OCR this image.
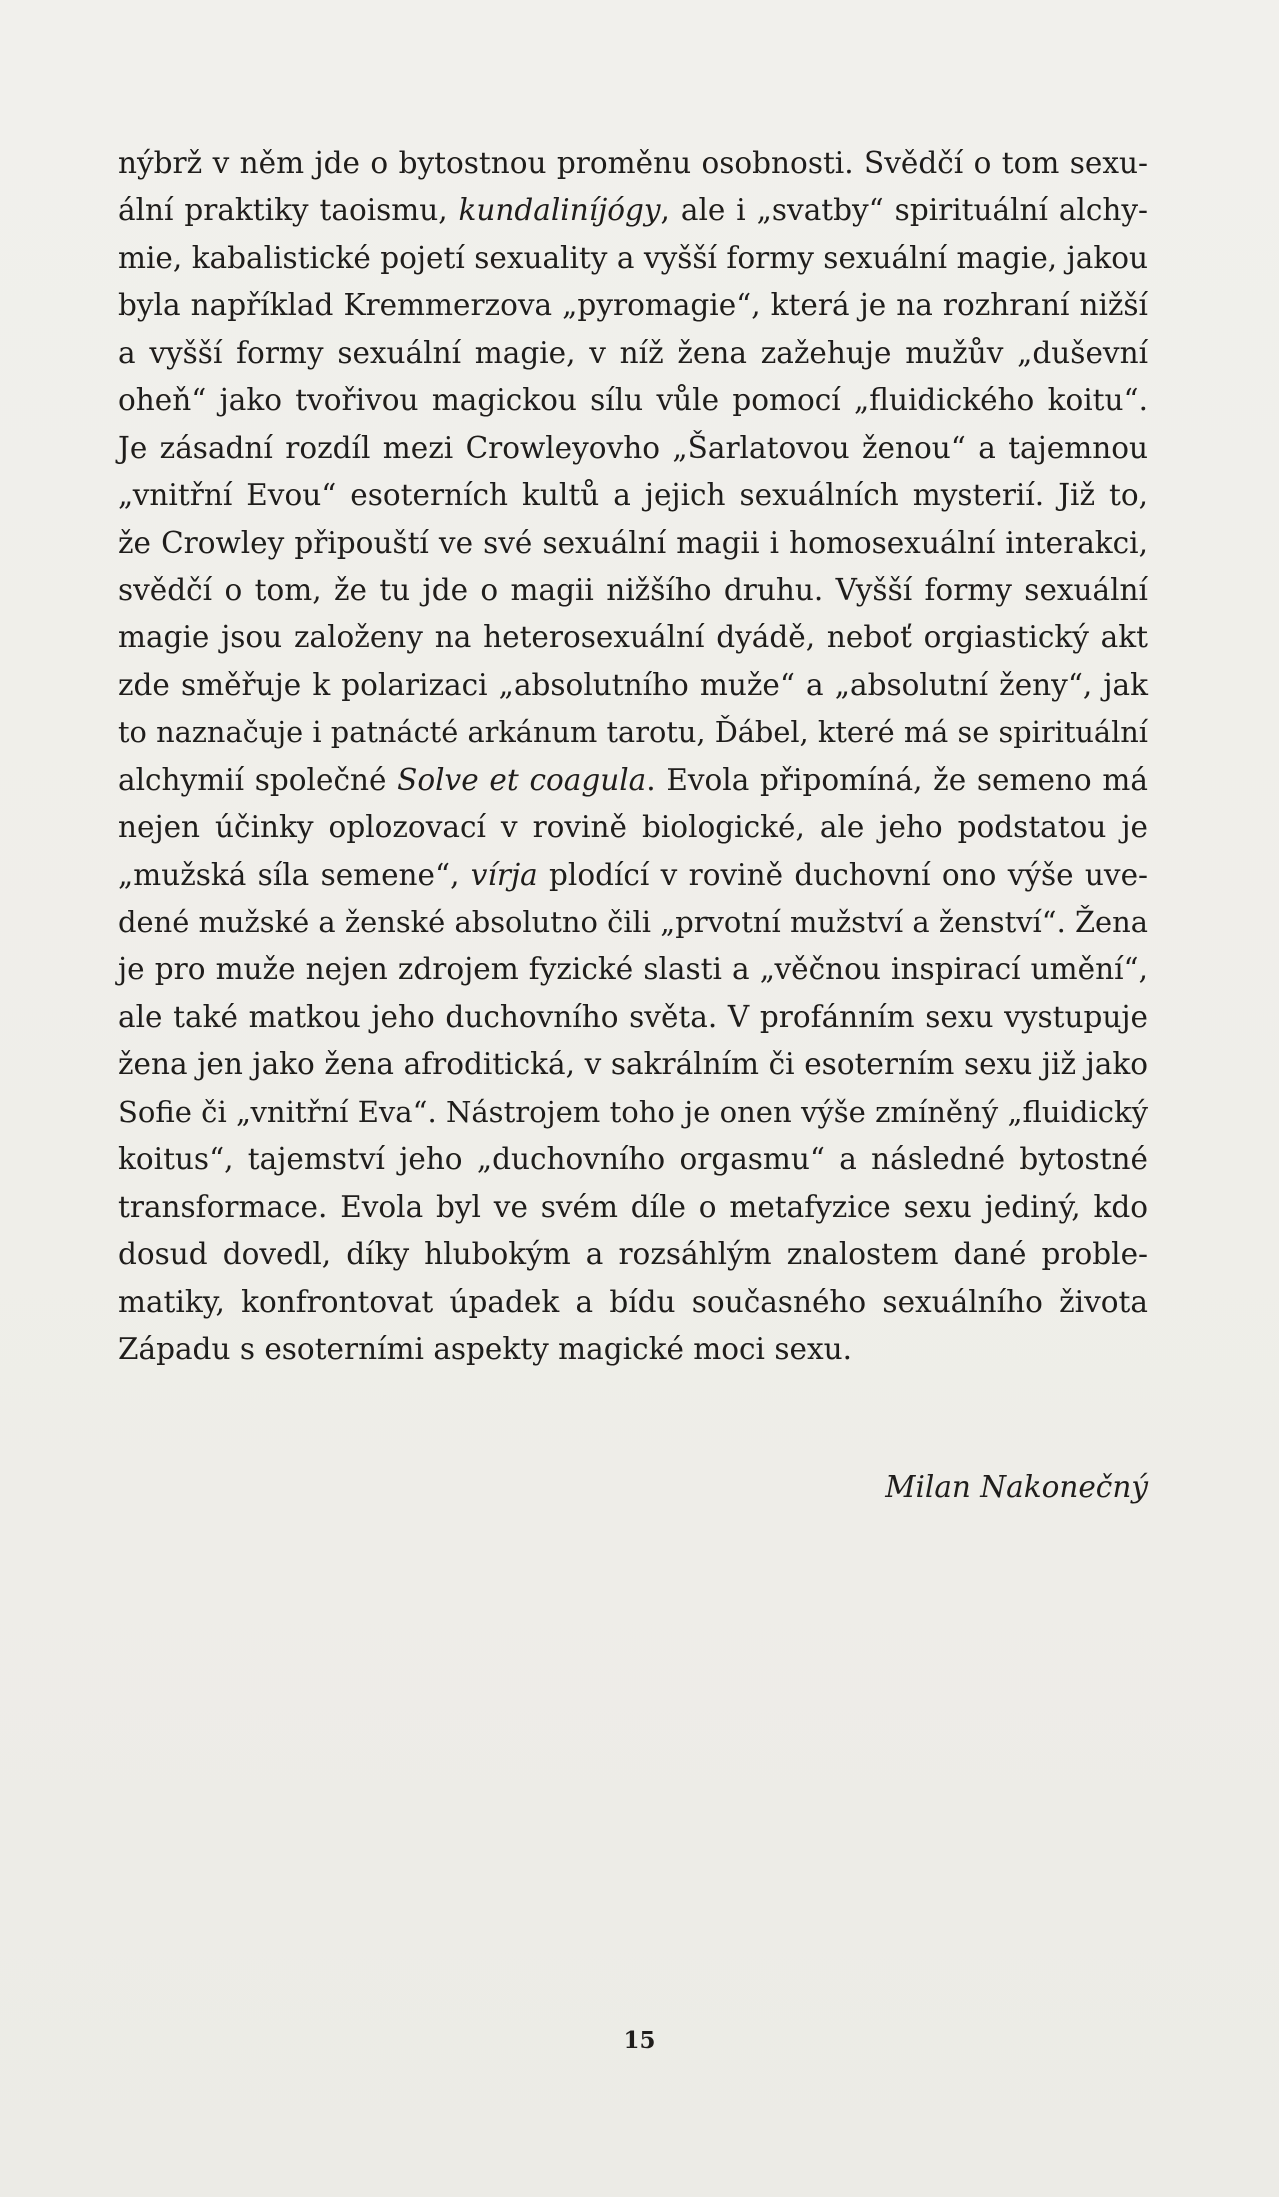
nýbrž v něm jde o bytostnou proměnu osobnosti. Svědčí o tom sexu-
ální praktiky taoismu, kundaliníjógy, ale i „svatby“ spirituální alchy-
mie, kabalistické pojetí sexuality a vyšší formy sexuální magie, jakou
byla například Kremmerzova „pyromagie“, která je na rozhraní nižší
a vyšší formy sexuální magie, v níž žena zažehuje mužův „duševní
oheň“ jako tvořivou magickou sílu vůle pomocí „fluidického koitu“.
Je zásadní rozdíl mezi Crowleyovho „Šarlatovou ženou“ a tajemnou
„vnitřní Evou“ esoterních kultů a jejich sexuálních mysterií. Již to,
že Crowley připouští ve své sexuální magii i homosexuální interakci,
svědčí o tom, že tu jde o magii nižšího druhu. Vyšší formy sexuální
magie jsou založeny na heterosexuální dyádě, neboť orgiastický akt
zde směřuje k polarizaci „absolutního muže“ a „absolutní ženy“, jak
to naznačuje i patnácté arkánum tarotu, Ďábel, které má se spirituální
alchymií společné Solve et coagula. Evola připomíná, že semeno má
nejen účinky oplozovací v rovině biologické, ale jeho podstatou je
„mužská síla semene“, vírja plodící v rovině duchovní ono výše uve-
dené mužské a ženské absolutno čili „prvotní mužství a ženství“. Žena
je pro muže nejen zdrojem fyzické slasti a „věčnou inspirací umění“,
ale také matkou jeho duchovního světa. V profánním sexu vystupuje
žena jen jako žena afroditická, v sakrálním či esoterním sexu již jako
Sofie či „vnitřní Eva“. Nástrojem toho je onen výše zmíněný „fluidický
koitus“, tajemství jeho „duchovního orgasmu“ a následné bytostné
transformace. Evola byl ve svém díle o metafyzice sexu jediný, kdo
dosud dovedl, díky hlubokým a rozsáhlým znalostem dané proble-
matiky, konfrontovat úpadek a bídu současného sexuálního života
Západu s esoterními aspekty magické moci sexu.
Milan Nakonečný
15
